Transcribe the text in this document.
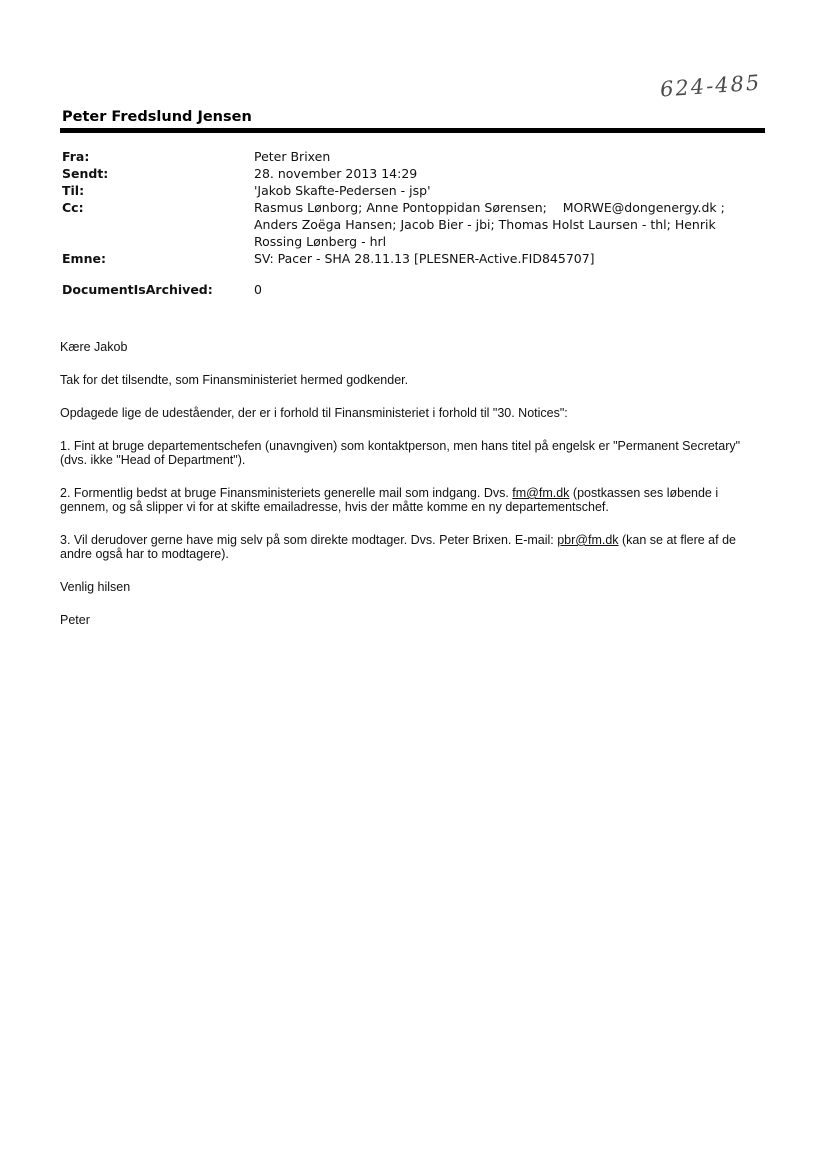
624-485
Peter Fredslund Jensen
Fra:	Peter Brixen
Sendt:	28. november 2013 14:29
Til:	'Jakob Skafte-Pedersen - jsp'
Cc:	Rasmus Lønborg; Anne Pontoppidan Sørensen;    MORWE@dongenergy.dk ; Anders Zoëga Hansen; Jacob Bier - jbi; Thomas Holst Laursen - thl; Henrik Rossing Lønberg - hrl
Emne:	SV: Pacer - SHA 28.11.13 [PLESNER-Active.FID845707]
DocumentIsArchived:	0

Kære Jakob

Tak for det tilsendte, som Finansministeriet hermed godkender.

Opdagede lige de udeståender, der er i forhold til Finansministeriet i forhold til "30. Notices":

1. Fint at bruge departementschefen (unavngiven) som kontaktperson, men hans titel på engelsk er "Permanent Secretary" (dvs. ikke "Head of Department").

2. Formentlig bedst at bruge Finansministeriets generelle mail som indgang. Dvs. fm@fm.dk (postkassen ses løbende i gennem, og så slipper vi for at skifte emailadresse, hvis der måtte komme en ny departementschef.

3. Vil derudover gerne have mig selv på som direkte modtager. Dvs. Peter Brixen. E-mail: pbr@fm.dk (kan se at flere af de andre også har to modtagere).

Venlig hilsen

Peter
